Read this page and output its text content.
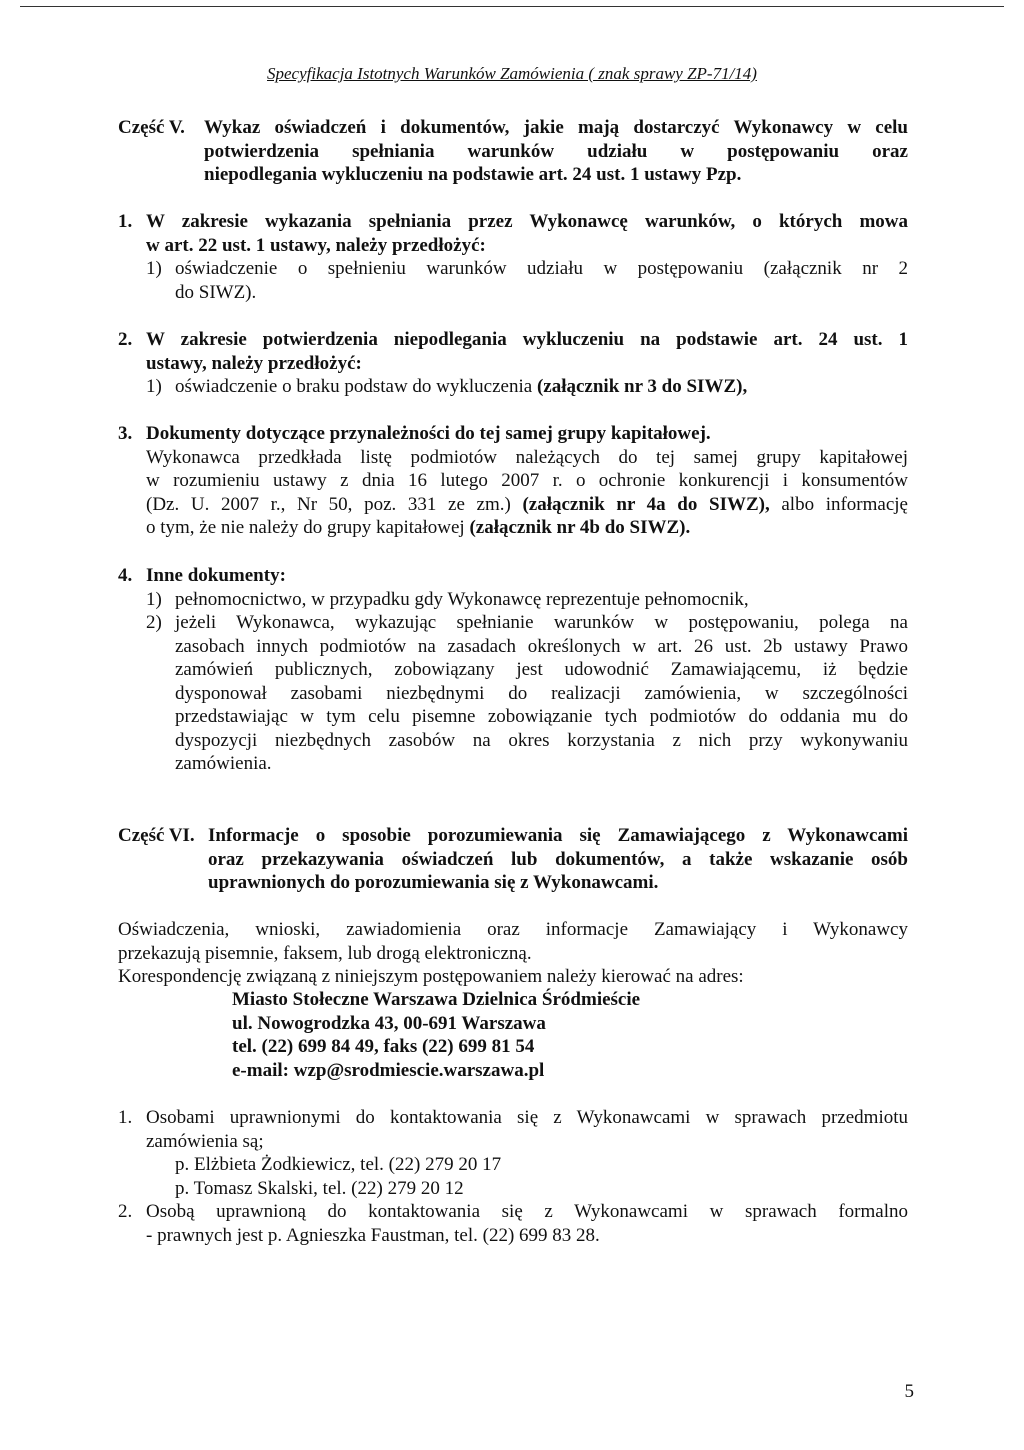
Specyfikacja Istotnych Warunków Zamówienia ( znak sprawy ZP-71/14)
Część V.	Wykaz oświadczeń i dokumentów, jakie mają dostarczyć Wykonawcy w celu
potwierdzenia spełniania warunków udziału w postępowaniu oraz
niepodlegania wykluczeniu na podstawie art. 24 ust. 1 ustawy Pzp.
1. W zakresie wykazania spełniania przez Wykonawcę warunków, o których mowa
w art. 22 ust. 1 ustawy, należy przedłożyć:
1) oświadczenie o spełnieniu warunków udziału w postępowaniu (załącznik nr 2
do SIWZ).
2. W zakresie potwierdzenia niepodlegania wykluczeniu na podstawie art. 24 ust. 1
ustawy, należy przedłożyć:
1) oświadczenie o braku podstaw do wykluczenia (załącznik nr 3 do SIWZ),
3. Dokumenty dotyczące przynależności do tej samej grupy kapitałowej.
Wykonawca przedkłada listę podmiotów należących do tej samej grupy kapitałowej
w rozumieniu ustawy z dnia 16 lutego 2007 r. o ochronie konkurencji i konsumentów
(Dz. U. 2007 r., Nr 50, poz. 331 ze zm.) (załącznik nr 4a do SIWZ), albo informację
o tym, że nie należy do grupy kapitałowej (załącznik nr 4b do SIWZ).
4. Inne dokumenty:
1) pełnomocnictwo, w przypadku gdy Wykonawcę reprezentuje pełnomocnik,
2) jeżeli Wykonawca, wykazując spełnianie warunków w postępowaniu, polega na
zasobach innych podmiotów na zasadach określonych w art. 26 ust. 2b ustawy Prawo
zamówień publicznych, zobowiązany jest udowodnić Zamawiającemu, iż będzie
dysponował zasobami niezbędnymi do realizacji zamówienia, w szczególności
przedstawiając w tym celu pisemne zobowiązanie tych podmiotów do oddania mu do
dyspozycji niezbędnych zasobów na okres korzystania z nich przy wykonywaniu
zamówienia.
Część VI. Informacje o sposobie porozumiewania się Zamawiającego z Wykonawcami
oraz przekazywania oświadczeń lub dokumentów, a także wskazanie osób
uprawnionych do porozumiewania się z Wykonawcami.
Oświadczenia, wnioski, zawiadomienia oraz informacje Zamawiający i Wykonawcy
przekazują pisemnie, faksem, lub drogą elektroniczną.
Korespondencję związaną z niniejszym postępowaniem należy kierować na adres:
Miasto Stołeczne Warszawa Dzielnica Śródmieście
ul. Nowogrodzka 43, 00-691 Warszawa
tel. (22) 699 84 49, faks (22) 699 81 54
e-mail: wzp@srodmiescie.warszawa.pl
1. Osobami uprawnionymi do kontaktowania się z Wykonawcami w sprawach przedmiotu
zamówienia są;
p. Elżbieta Żodkiewicz, tel. (22) 279 20 17
p. Tomasz Skalski, tel. (22) 279 20 12
2. Osobą uprawnioną do kontaktowania się z Wykonawcami w sprawach formalno
- prawnych jest p. Agnieszka Faustman, tel. (22) 699 83 28.
5
